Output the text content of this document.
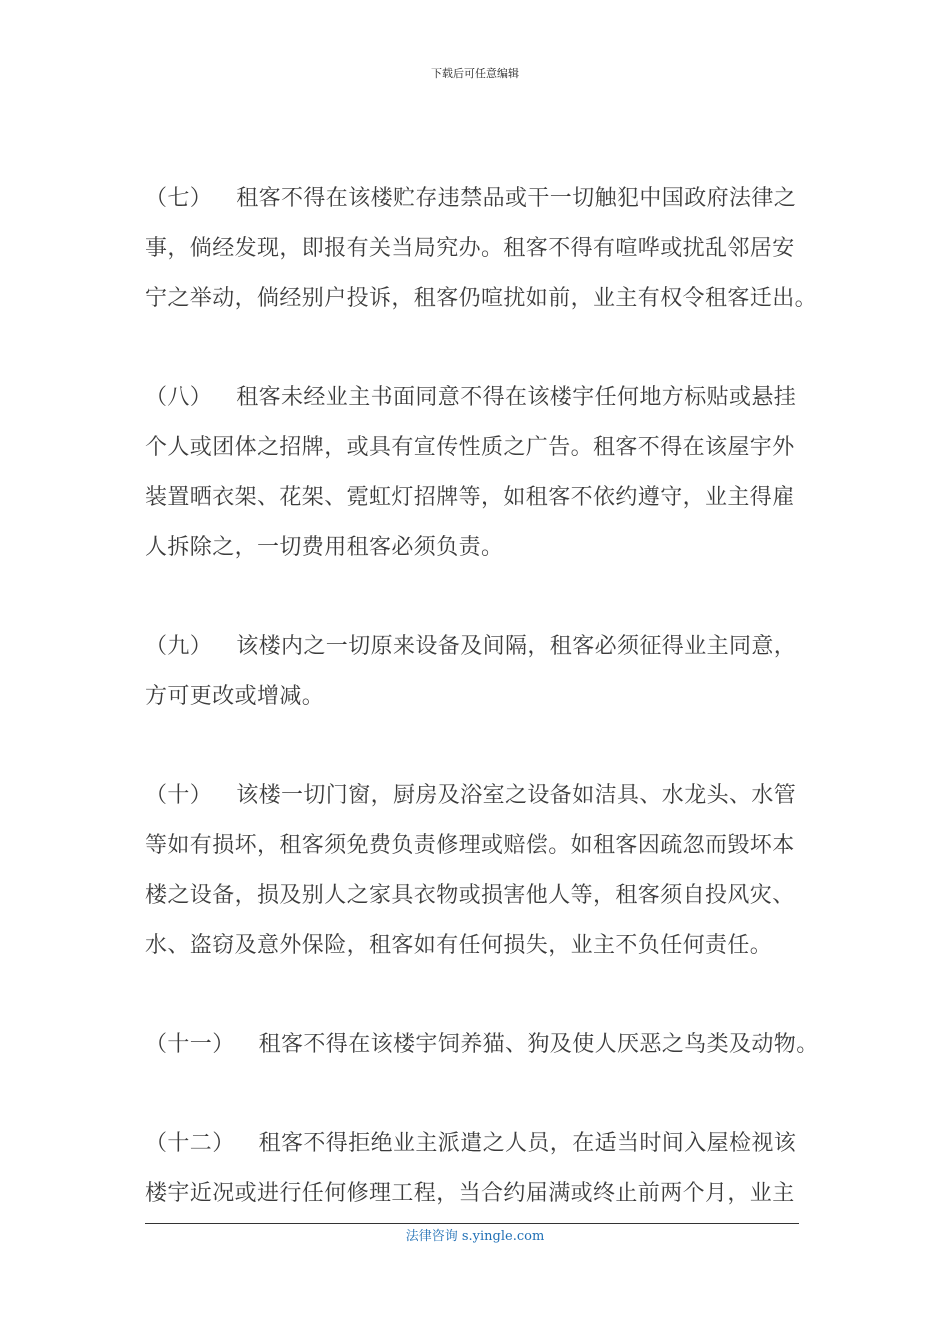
下载后可任意编辑
（七） 租客不得在该楼贮存违禁品或干一切触犯中国政府法律之
事，倘经发现，即报有关当局究办。租客不得有喧哗或扰乱邻居安
宁之举动，倘经别户投诉，租客仍喧扰如前，业主有权令租客迁出。
（八） 租客未经业主书面同意不得在该楼宇任何地方标贴或悬挂
个人或团体之招牌，或具有宣传性质之广告。租客不得在该屋宇外
装置晒衣架、花架、霓虹灯招牌等，如租客不依约遵守，业主得雇
人拆除之，一切费用租客必须负责。
（九） 该楼内之一切原来设备及间隔，租客必须征得业主同意，
方可更改或增减。
（十） 该楼一切门窗，厨房及浴室之设备如洁具、水龙头、水管
等如有损坏，租客须免费负责修理或赔偿。如租客因疏忽而毁坏本
楼之设备，损及别人之家具衣物或损害他人等，租客须自投风灾、
水、盗窃及意外保险，租客如有任何损失，业主不负任何责任。
（十一） 租客不得在该楼宇饲养猫、狗及使人厌恶之鸟类及动物。
（十二） 租客不得拒绝业主派遣之人员，在适当时间入屋检视该
楼宇近况或进行任何修理工程，当合约届满或终止前两个月，业主
法律咨询 s.yingle.com
